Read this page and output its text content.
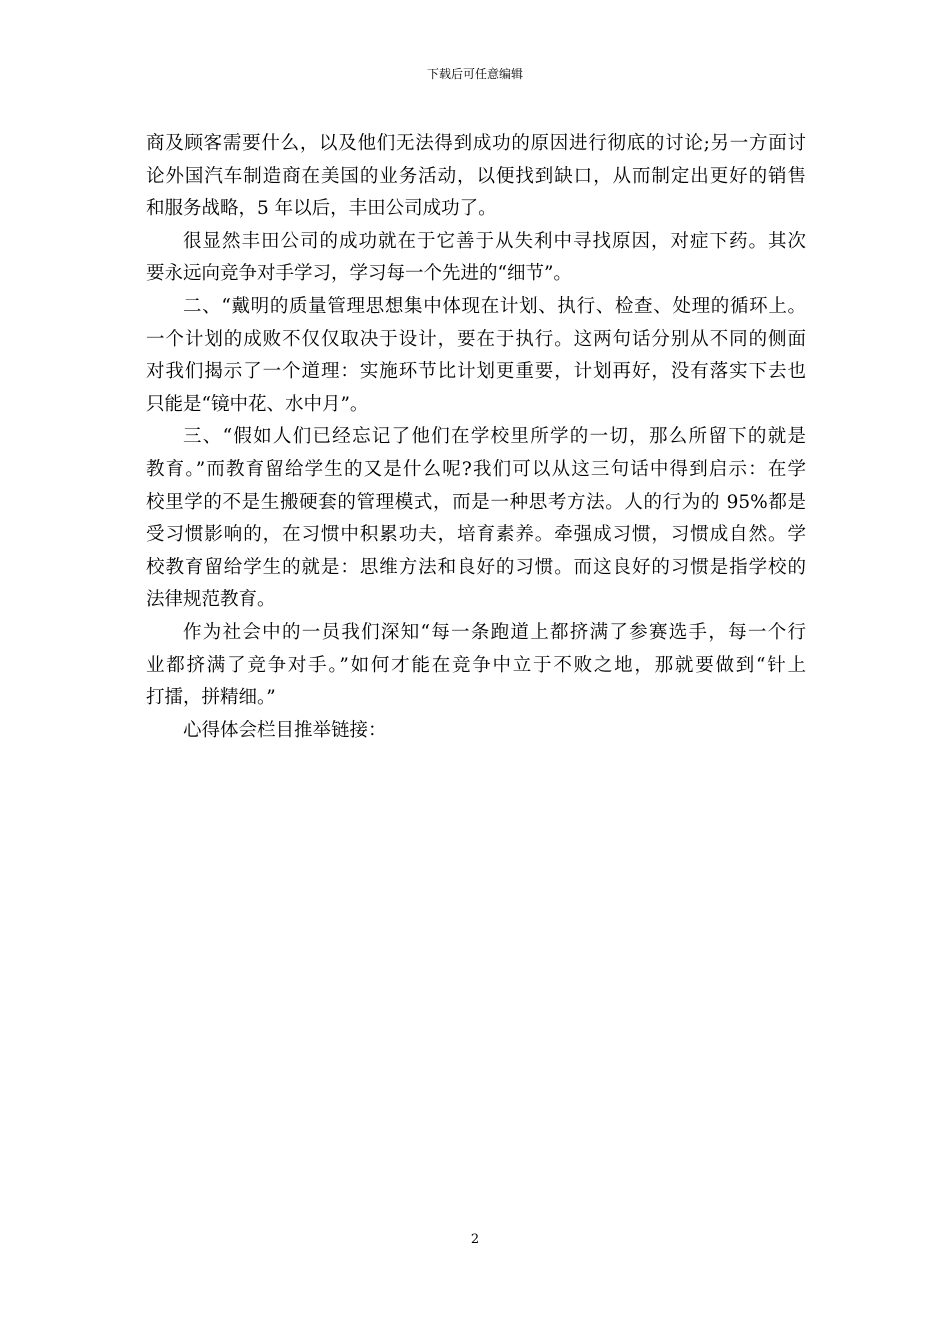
下载后可任意编辑
商及顾客需要什么，以及他们无法得到成功的原因进行彻底的讨论;另一方面讨
论外国汽车制造商在美国的业务活动，以便找到缺口，从而制定出更好的销售
和服务战略，5 年以后，丰田公司成功了。
很显然丰田公司的成功就在于它善于从失利中寻找原因，对症下药。其次
要永远向竞争对手学习，学习每一个先进的“细节”。
二、“戴明的质量管理思想集中体现在计划、执行、检查、处理的循环上。
一个计划的成败不仅仅取决于设计，要在于执行。这两句话分别从不同的侧面
对我们揭示了一个道理：实施环节比计划更重要，计划再好，没有落实下去也
只能是“镜中花、水中月”。
三、“假如人们已经忘记了他们在学校里所学的一切，那么所留下的就是
教育。”而教育留给学生的又是什么呢?我们可以从这三句话中得到启示：在学
校里学的不是生搬硬套的管理模式，而是一种思考方法。人的行为的 95%都是
受习惯影响的，在习惯中积累功夫，培育素养。牵强成习惯，习惯成自然。学
校教育留给学生的就是：思维方法和良好的习惯。而这良好的习惯是指学校的
法律规范教育。
作为社会中的一员我们深知“每一条跑道上都挤满了参赛选手，每一个行
业都挤满了竞争对手。”如何才能在竞争中立于不败之地，那就要做到“针上
打擂，拼精细。”
心得体会栏目推举链接：
2
